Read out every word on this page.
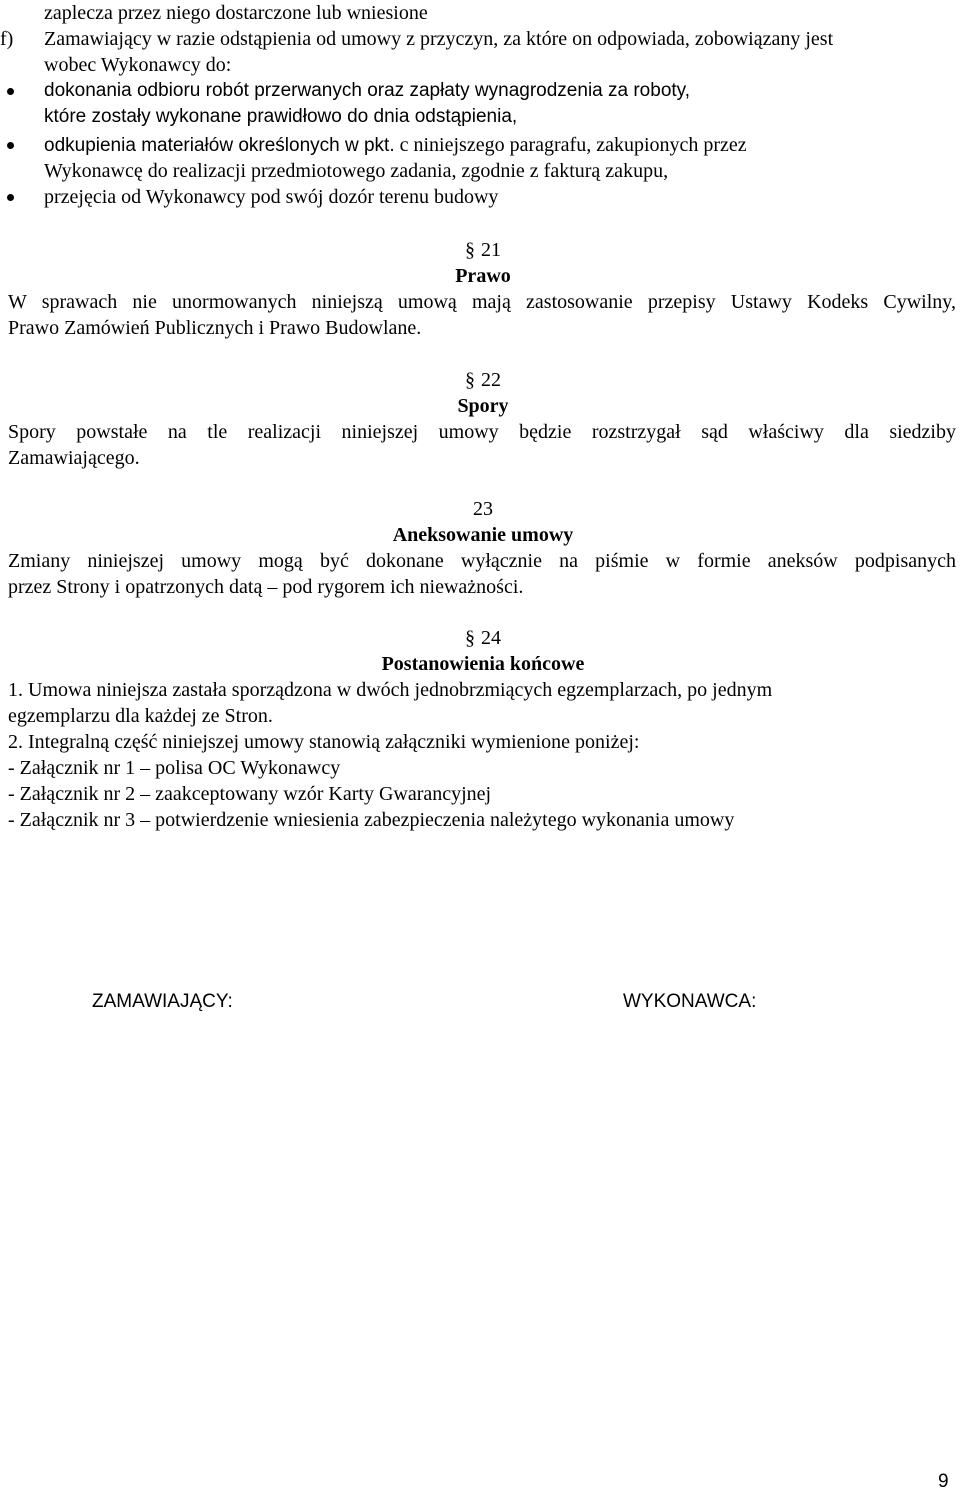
zaplecza przez niego dostarczone lub wniesione
f) Zamawiający w razie odstąpienia od umowy z przyczyn, za które on odpowiada, zobowiązany jest
wobec Wykonawcy do:
dokonania odbioru robót przerwanych oraz zapłaty wynagrodzenia za roboty,
które zostały wykonane prawidłowo do dnia odstąpienia,
odkupienia materiałów określonych w pkt. c niniejszego paragrafu, zakupionych przez
Wykonawcę do realizacji przedmiotowego zadania, zgodnie z fakturą zakupu,
przejęcia od Wykonawcy pod swój dozór terenu budowy
§ 21
Prawo
W sprawach nie unormowanych niniejszą umową mają zastosowanie przepisy Ustawy Kodeks Cywilny,
Prawo Zamówień Publicznych i Prawo Budowlane.
§ 22
Spory
Spory powstałe na tle realizacji niniejszej umowy będzie rozstrzygał sąd właściwy dla siedziby
Zamawiającego.
23
Aneksowanie umowy
Zmiany niniejszej umowy mogą być dokonane wyłącznie na piśmie w formie aneksów podpisanych
przez Strony i opatrzonych datą – pod rygorem ich nieważności.
§ 24
Postanowienia końcowe
1. Umowa niniejsza zastała sporządzona w dwóch jednobrzmiących egzemplarzach, po jednym
egzemplarzu dla każdej ze Stron.
2. Integralną część niniejszej umowy stanowią załączniki wymienione poniżej:
- Załącznik nr 1 – polisa OC Wykonawcy
- Załącznik nr 2 – zaakceptowany wzór Karty Gwarancyjnej
- Załącznik nr 3 – potwierdzenie wniesienia zabezpieczenia należytego wykonania umowy
ZAMAWIAJĄCY:	WYKONAWCA:
9
